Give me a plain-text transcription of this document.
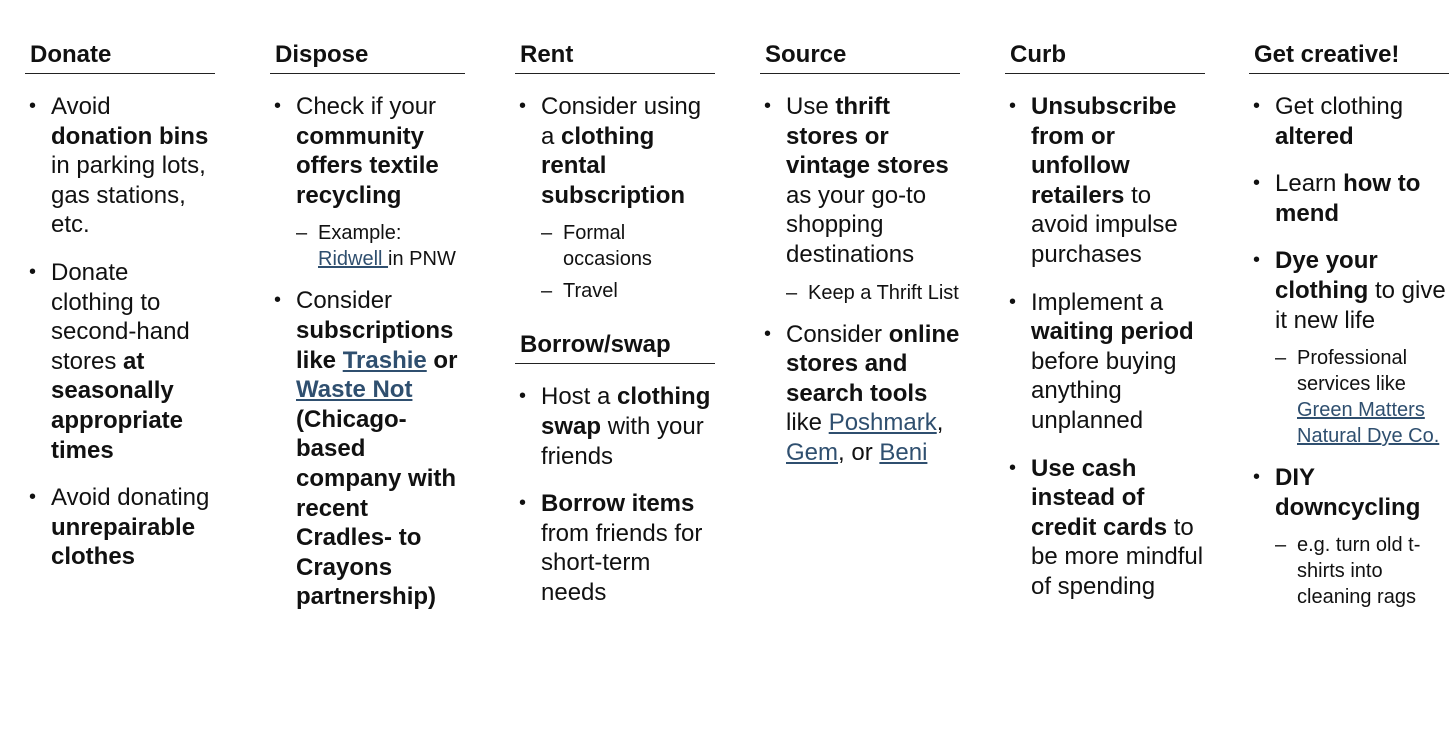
Donate
• Avoid donation bins in parking lots, gas stations, etc.
• Donate clothing to second-hand stores at seasonally appropriate times
• Avoid donating unrepairable clothes
Dispose
• Check if your community offers textile recycling
– Example: Ridwell in PNW
• Consider subscriptions like Trashie or Waste Not (Chicago-based company with recent Cradles- to Crayons partnership)
Rent
• Consider using a clothing rental subscription
– Formal occasions
– Travel
Borrow/swap
• Host a clothing swap with your friends
• Borrow items from friends for short-term needs
Source
• Use thrift stores or vintage stores as your go-to shopping destinations
– Keep a Thrift List
• Consider online stores and search tools like Poshmark, Gem, or Beni
Curb
• Unsubscribe from or unfollow retailers to avoid impulse purchases
• Implement a waiting period before buying anything unplanned
• Use cash instead of credit cards to be more mindful of spending
Get creative!
• Get clothing altered
• Learn how to mend
• Dye your clothing to give it new life
– Professional services like Green Matters Natural Dye Co.
• DIY downcycling
– e.g. turn old t-shirts into cleaning rags
